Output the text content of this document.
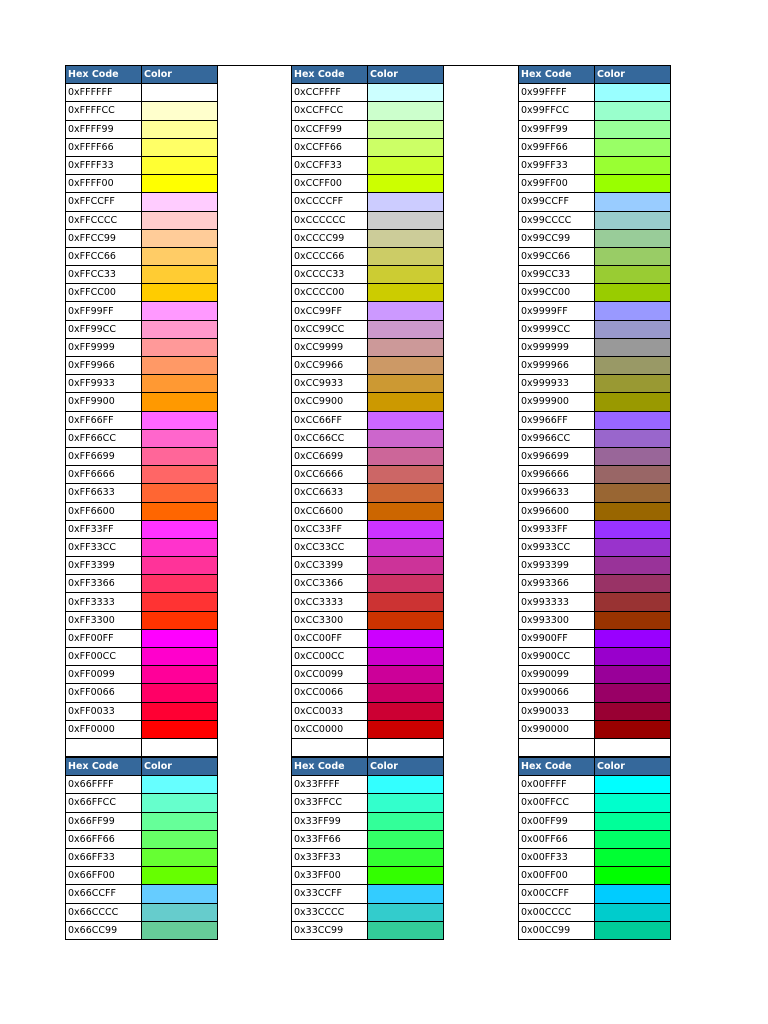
Hex Code	Color
0xFFFFFF	
0xFFFFCC	
0xFFFF99	
0xFFFF66	
0xFFFF33	
0xFFFF00	
0xFFCCFF	
0xFFCCCC	
0xFFCC99	
0xFFCC66	
0xFFCC33	
0xFFCC00	
0xFF99FF	
0xFF99CC	
0xFF9999	
0xFF9966	
0xFF9933	
0xFF9900	
0xFF66FF	
0xFF66CC	
0xFF6699	
0xFF6666	
0xFF6633	
0xFF6600	
0xFF33FF	
0xFF33CC	
0xFF3399	
0xFF3366	
0xFF3333	
0xFF3300	
0xFF00FF	
0xFF00CC	
0xFF0099	
0xFF0066	
0xFF0033	
0xFF0000	

Hex Code	Color
0xCCFFFF	
0xCCFFCC	
0xCCFF99	
0xCCFF66	
0xCCFF33	
0xCCFF00	
0xCCCCFF	
0xCCCCCC	
0xCCCC99	
0xCCCC66	
0xCCCC33	
0xCCCC00	
0xCC99FF	
0xCC99CC	
0xCC9999	
0xCC9966	
0xCC9933	
0xCC9900	
0xCC66FF	
0xCC66CC	
0xCC6699	
0xCC6666	
0xCC6633	
0xCC6600	
0xCC33FF	
0xCC33CC	
0xCC3399	
0xCC3366	
0xCC3333	
0xCC3300	
0xCC00FF	
0xCC00CC	
0xCC0099	
0xCC0066	
0xCC0033	
0xCC0000	

Hex Code	Color
0x99FFFF	
0x99FFCC	
0x99FF99	
0x99FF66	
0x99FF33	
0x99FF00	
0x99CCFF	
0x99CCCC	
0x99CC99	
0x99CC66	
0x99CC33	
0x99CC00	
0x9999FF	
0x9999CC	
0x999999	
0x999966	
0x999933	
0x999900	
0x9966FF	
0x9966CC	
0x996699	
0x996666	
0x996633	
0x996600	
0x9933FF	
0x9933CC	
0x993399	
0x993366	
0x993333	
0x993300	
0x9900FF	
0x9900CC	
0x990099	
0x990066	
0x990033	
0x990000	

Hex Code	Color
0x66FFFF	
0x66FFCC	
0x66FF99	
0x66FF66	
0x66FF33	
0x66FF00	
0x66CCFF	
0x66CCCC	
0x66CC99	
Hex Code	Color
0x33FFFF	
0x33FFCC	
0x33FF99	
0x33FF66	
0x33FF33	
0x33FF00	
0x33CCFF	
0x33CCCC	
0x33CC99	
Hex Code	Color
0x00FFFF	
0x00FFCC	
0x00FF99	
0x00FF66	
0x00FF33	
0x00FF00	
0x00CCFF	
0x00CCCC	
0x00CC99	
